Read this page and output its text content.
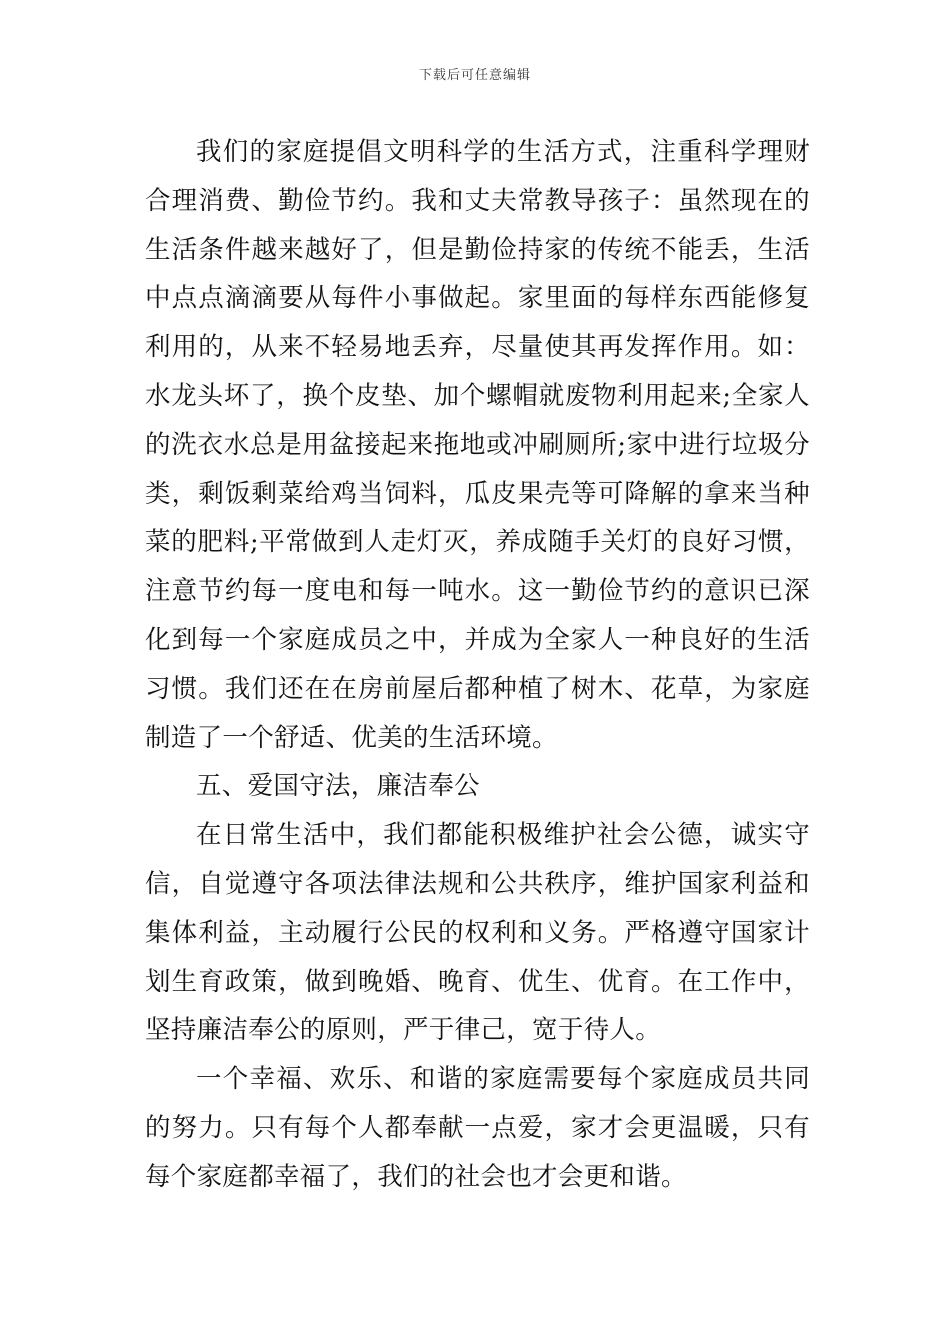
下载后可任意编辑

我们的家庭提倡文明科学的生活方式，注重科学理财合理消费、勤俭节约。我和丈夫常教导孩子：虽然现在的生活条件越来越好了，但是勤俭持家的传统不能丢，生活中点点滴滴要从每件小事做起。家里面的每样东西能修复利用的，从来不轻易地丢弃，尽量使其再发挥作用。如：水龙头坏了，换个皮垫、加个螺帽就废物利用起来;全家人的洗衣水总是用盆接起来拖地或冲刷厕所;家中进行垃圾分类，剩饭剩菜给鸡当饲料，瓜皮果壳等可降解的拿来当种菜的肥料;平常做到人走灯灭，养成随手关灯的良好习惯，注意节约每一度电和每一吨水。这一勤俭节约的意识已深化到每一个家庭成员之中，并成为全家人一种良好的生活习惯。我们还在在房前屋后都种植了树木、花草，为家庭制造了一个舒适、优美的生活环境。

五、爱国守法，廉洁奉公

在日常生活中，我们都能积极维护社会公德，诚实守信，自觉遵守各项法律法规和公共秩序，维护国家利益和集体利益，主动履行公民的权利和义务。严格遵守国家计划生育政策，做到晚婚、晚育、优生、优育。在工作中，坚持廉洁奉公的原则，严于律己，宽于待人。

一个幸福、欢乐、和谐的家庭需要每个家庭成员共同的努力。只有每个人都奉献一点爱，家才会更温暖，只有每个家庭都幸福了，我们的社会也才会更和谐。
